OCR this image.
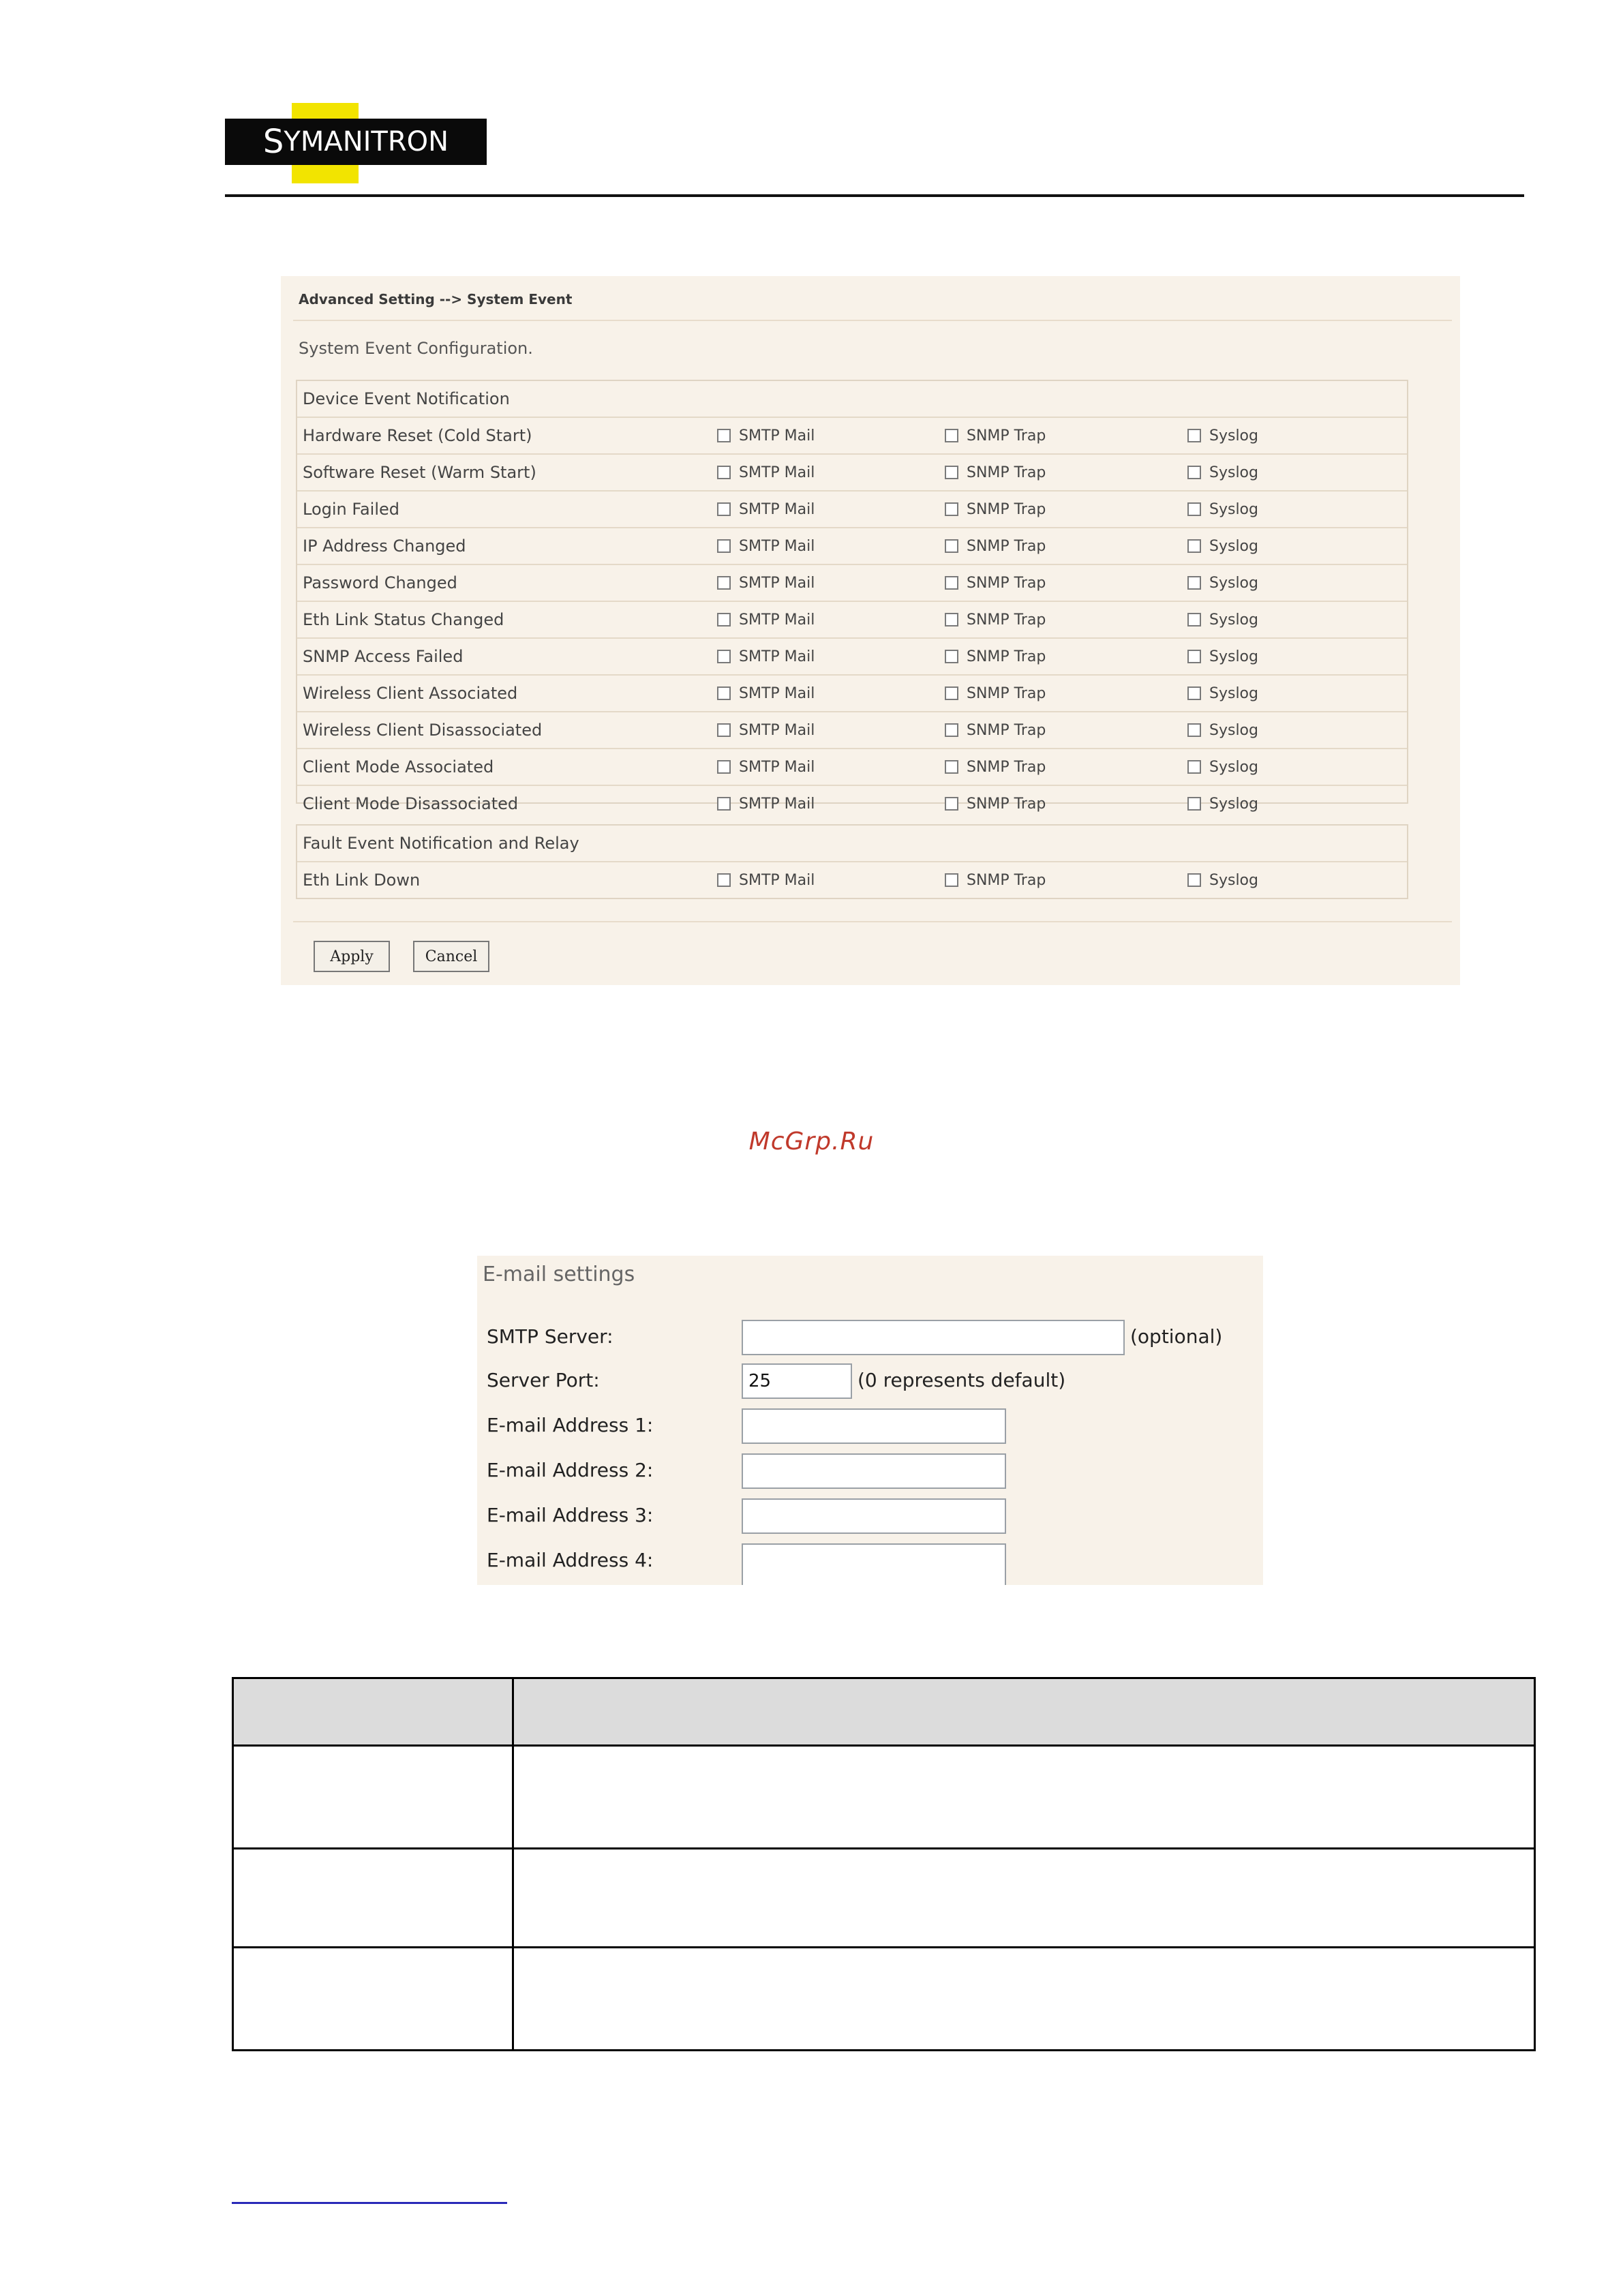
S YMANITRON
Advanced Setting --> System Event
System Event Configuration.
Device Event Notification
Hardware Reset (Cold Start)	SMTP Mail	SNMP Trap	Syslog
Software Reset (Warm Start)	SMTP Mail	SNMP Trap	Syslog
Login Failed	SMTP Mail	SNMP Trap	Syslog
IP Address Changed	SMTP Mail	SNMP Trap	Syslog
Password Changed	SMTP Mail	SNMP Trap	Syslog
Eth Link Status Changed	SMTP Mail	SNMP Trap	Syslog
SNMP Access Failed	SMTP Mail	SNMP Trap	Syslog
Wireless Client Associated	SMTP Mail	SNMP Trap	Syslog
Wireless Client Disassociated	SMTP Mail	SNMP Trap	Syslog
Client Mode Associated	SMTP Mail	SNMP Trap	Syslog
Client Mode Disassociated	SMTP Mail	SNMP Trap	Syslog
Fault Event Notification and Relay
Eth Link Down	SMTP Mail	SNMP Trap	Syslog
Apply	Cancel
McGrp.Ru
E-mail settings
SMTP Server:	(optional)
Server Port:	25	(0 represents default)
E-mail Address 1:
E-mail Address 2:
E-mail Address 3:
E-mail Address 4:
